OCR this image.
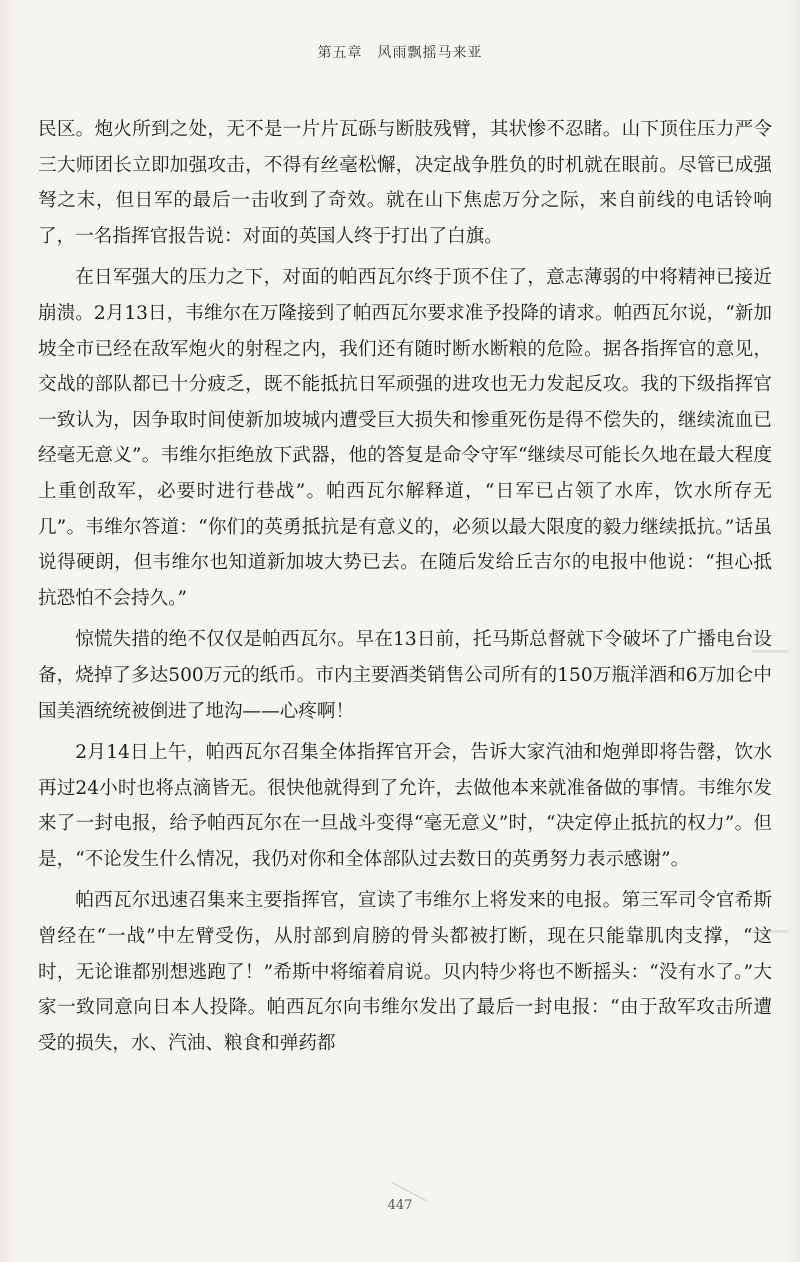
第五章　风雨飘摇马来亚

民区。炮火所到之处，无不是一片片瓦砾与断肢残臂，其状惨不忍睹。山下顶住压力严令三大师团长立即加强攻击，不得有丝毫松懈，决定战争胜负的时机就在眼前。尽管已成强弩之末，但日军的最后一击收到了奇效。就在山下焦虑万分之际，来自前线的电话铃响了，一名指挥官报告说：对面的英国人终于打出了白旗。

在日军强大的压力之下，对面的帕西瓦尔终于顶不住了，意志薄弱的中将精神已接近崩溃。2月13日，韦维尔在万隆接到了帕西瓦尔要求准予投降的请求。帕西瓦尔说，“新加坡全市已经在敌军炮火的射程之内，我们还有随时断水断粮的危险。据各指挥官的意见，交战的部队都已十分疲乏，既不能抵抗日军顽强的进攻也无力发起反攻。我的下级指挥官一致认为，因争取时间使新加坡城内遭受巨大损失和惨重死伤是得不偿失的，继续流血已经毫无意义”。韦维尔拒绝放下武器，他的答复是命令守军“继续尽可能长久地在最大程度上重创敌军，必要时进行巷战”。帕西瓦尔解释道，“日军已占领了水库，饮水所存无几”。韦维尔答道：“你们的英勇抵抗是有意义的，必须以最大限度的毅力继续抵抗。”话虽说得硬朗，但韦维尔也知道新加坡大势已去。在随后发给丘吉尔的电报中他说：“担心抵抗恐怕不会持久。”

惊慌失措的绝不仅仅是帕西瓦尔。早在13日前，托马斯总督就下令破坏了广播电台设备，烧掉了多达500万元的纸币。市内主要酒类销售公司所有的150万瓶洋酒和6万加仑中国美酒统统被倒进了地沟——心疼啊！

2月14日上午，帕西瓦尔召集全体指挥官开会，告诉大家汽油和炮弹即将告罄，饮水再过24小时也将点滴皆无。很快他就得到了允许，去做他本来就准备做的事情。韦维尔发来了一封电报，给予帕西瓦尔在一旦战斗变得“毫无意义”时，“决定停止抵抗的权力”。但是，“不论发生什么情况，我仍对你和全体部队过去数日的英勇努力表示感谢”。

帕西瓦尔迅速召集来主要指挥官，宣读了韦维尔上将发来的电报。第三军司令官希斯曾经在“一战”中左臂受伤，从肘部到肩膀的骨头都被打断，现在只能靠肌肉支撑，“这时，无论谁都别想逃跑了！”希斯中将缩着肩说。贝内特少将也不断摇头：“没有水了。”大家一致同意向日本人投降。帕西瓦尔向韦维尔发出了最后一封电报：“由于敌军攻击所遭受的损失，水、汽油、粮食和弹药都

447
